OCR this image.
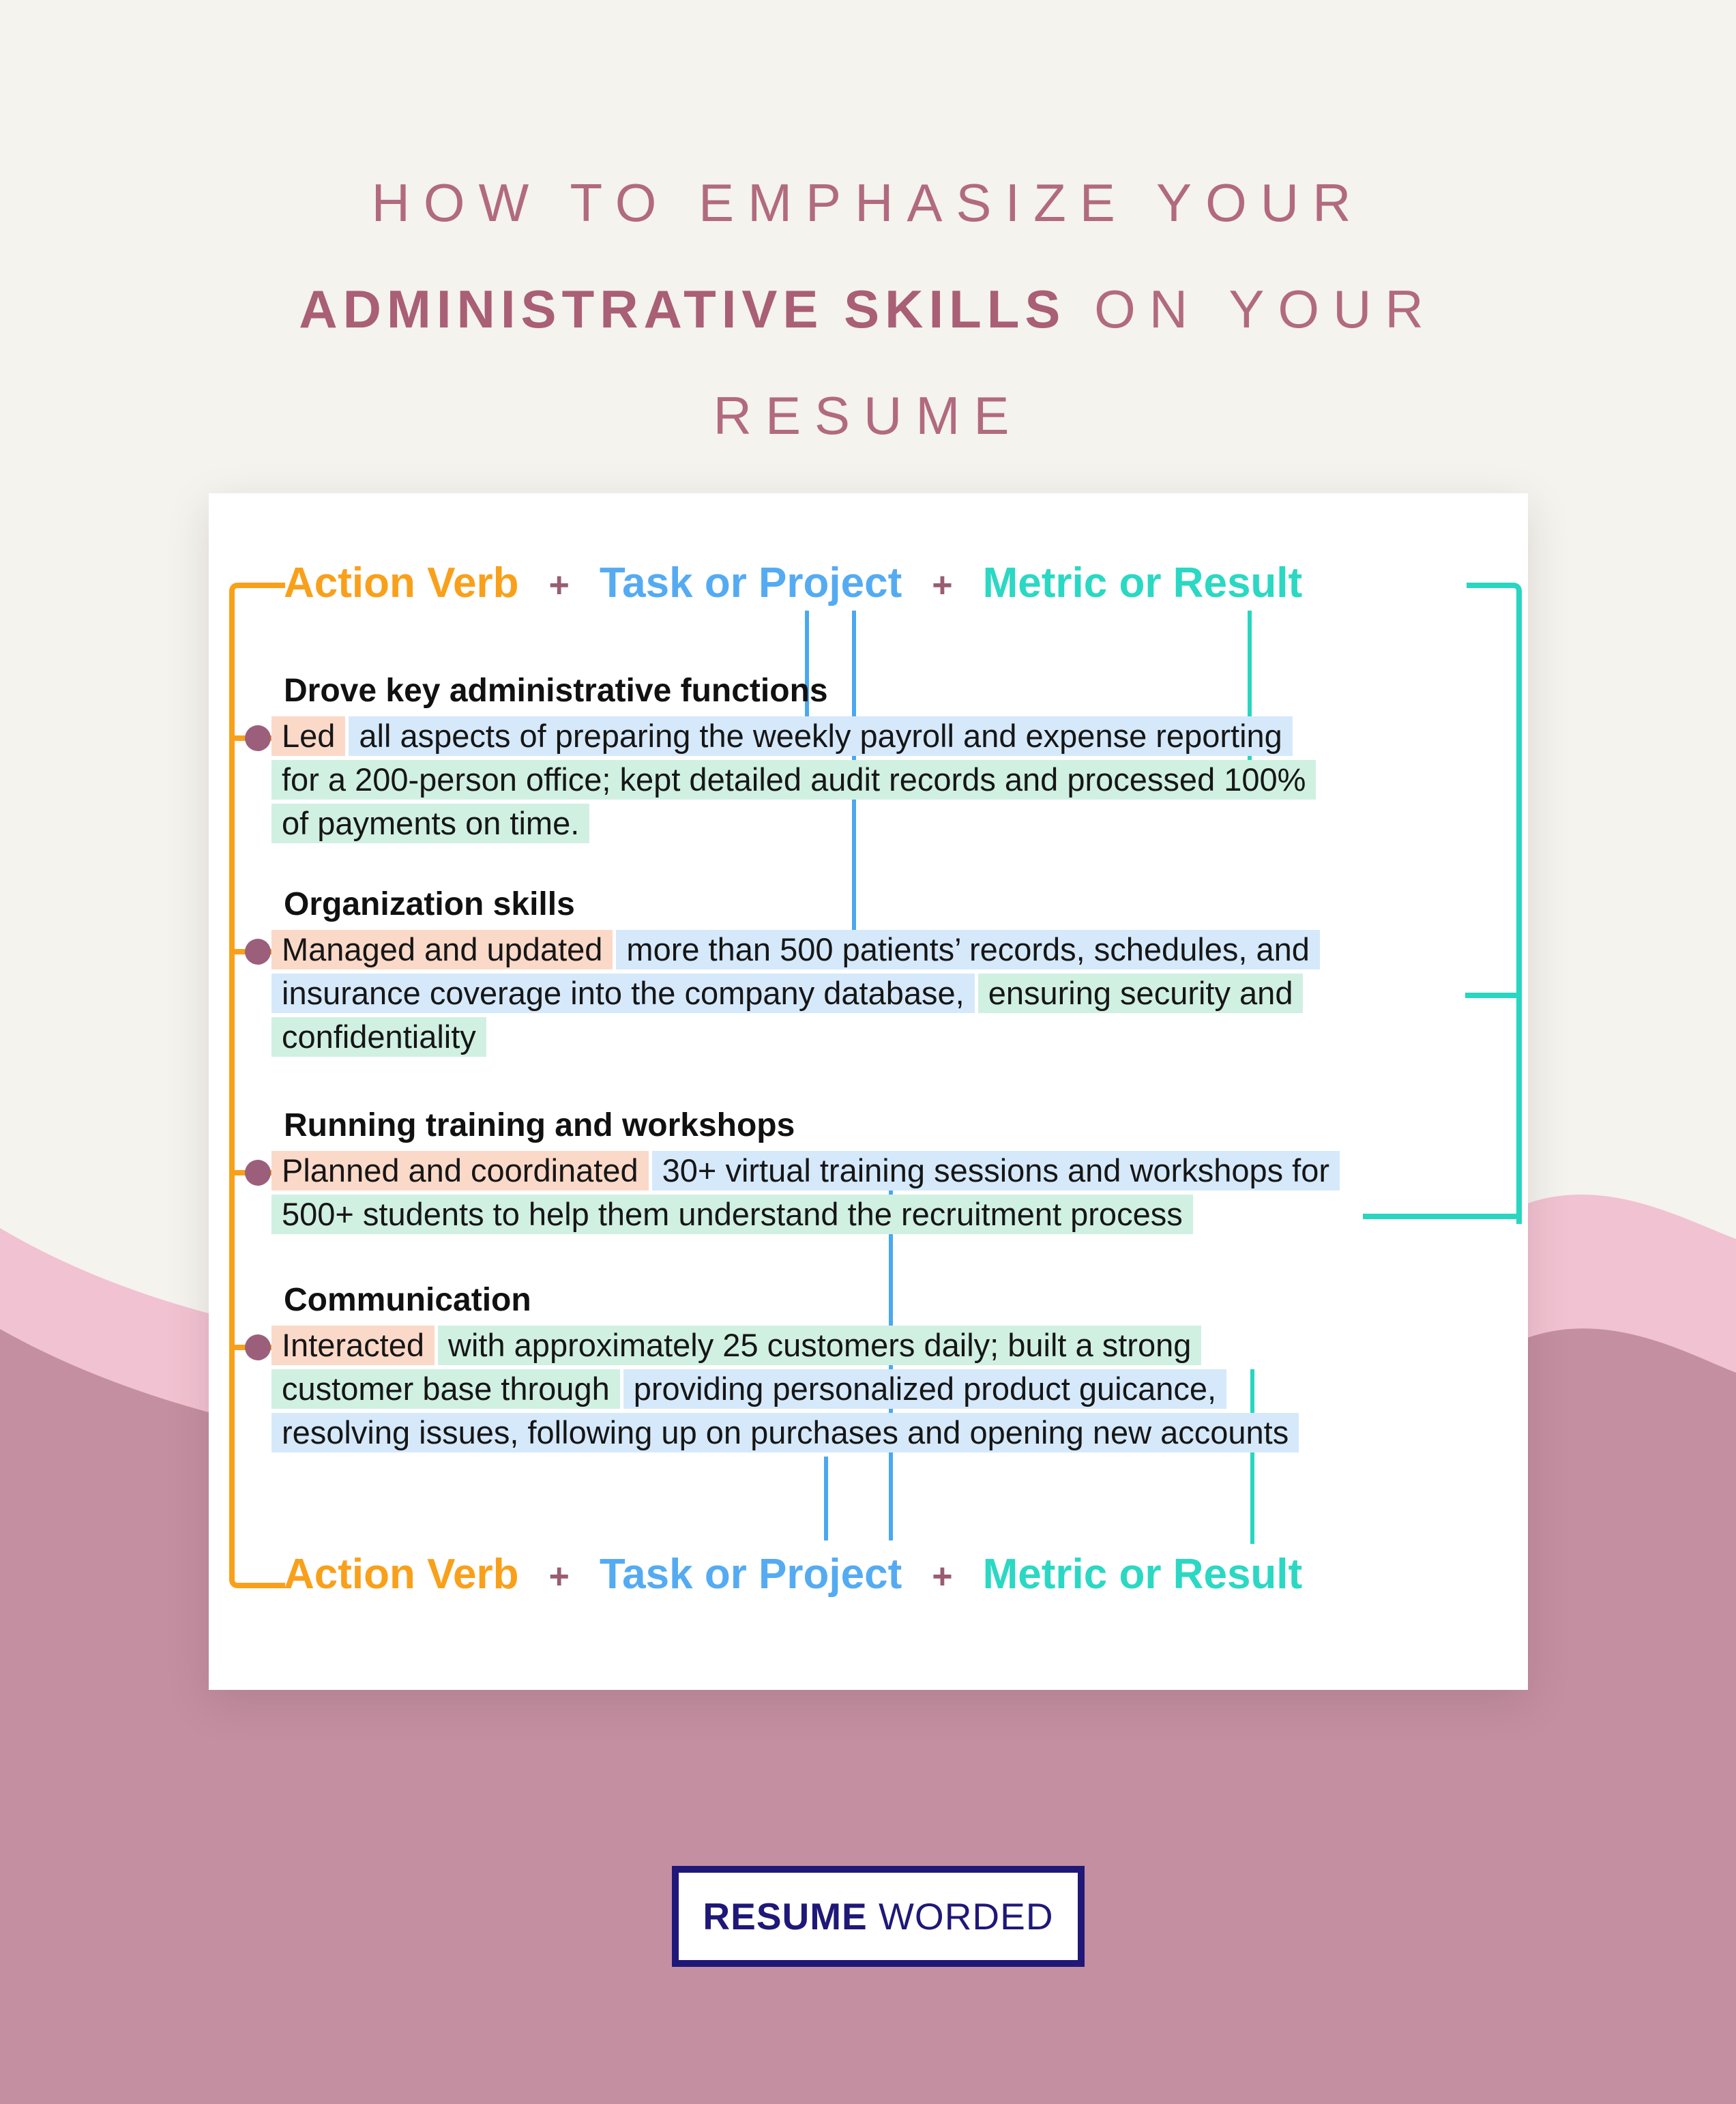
HOW TO EMPHASIZE YOUR
ADMINISTRATIVE SKILLS ON YOUR
RESUME
Action Verb + Task or Project + Metric or Result
Drove key administrative functions
Led all aspects of preparing the weekly payroll and expense reporting
for a 200-person office; kept detailed audit records and processed 100%
of payments on time.
Organization skills
Managed and updated more than 500 patients’ records, schedules, and
insurance coverage into the company database, ensuring security and
confidentiality
Running training and workshops
Planned and coordinated 30+ virtual training sessions and workshops for
500+ students to help them understand the recruitment process
Communication
Interacted with approximately 25 customers daily; built a strong
customer base through providing personalized product guicance,
resolving issues, following up on purchases and opening new accounts
Action Verb + Task or Project + Metric or Result
RESUME WORDED
